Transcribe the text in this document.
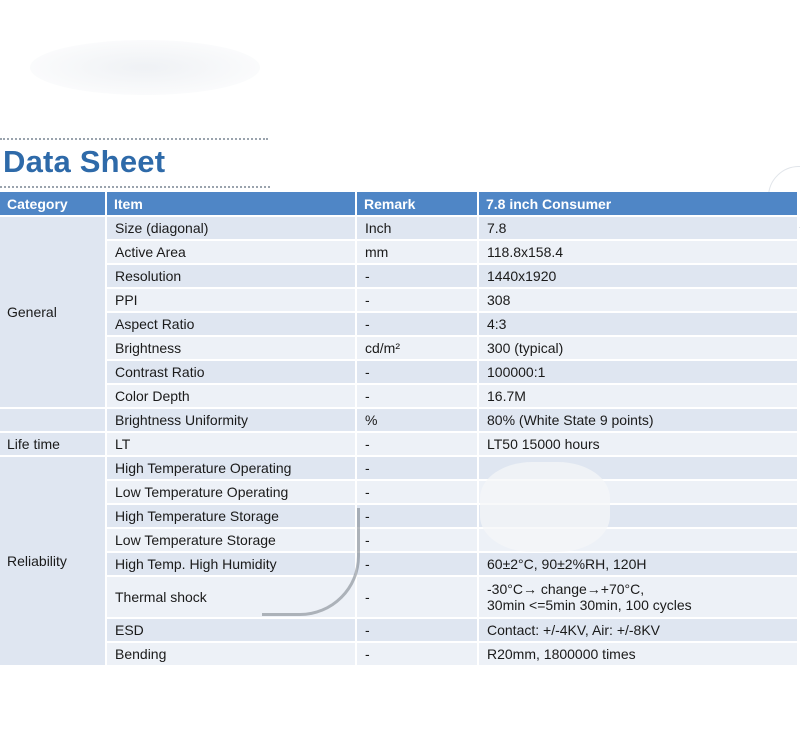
Data Sheet
Category	Item	Remark	7.8 inch Consumer
General	Size (diagonal)	Inch	7.8
	Active Area	mm	118.8x158.4
	Resolution	-	1440x1920
	PPI	-	308
	Aspect Ratio	-	4:3
	Brightness	cd/m²	300 (typical)
	Contrast Ratio	-	100000:1
	Color Depth	-	16.7M
	Brightness Uniformity	%	80% (White State 9 points)
Life time	LT	-	LT50 15000 hours
Reliability	High Temperature Operating	-	
	Low Temperature Operating	-	
	High Temperature Storage	-	
	Low Temperature Storage	-	
	High Temp. High Humidity	-	60±2°C, 90±2%RH, 120H
	Thermal shock	-	-30°C→ change→+70°C,
30min <=5min 30min, 100 cycles
	ESD	-	Contact: +/-4KV, Air: +/-8KV
	Bending	-	R20mm, 1800000 times
